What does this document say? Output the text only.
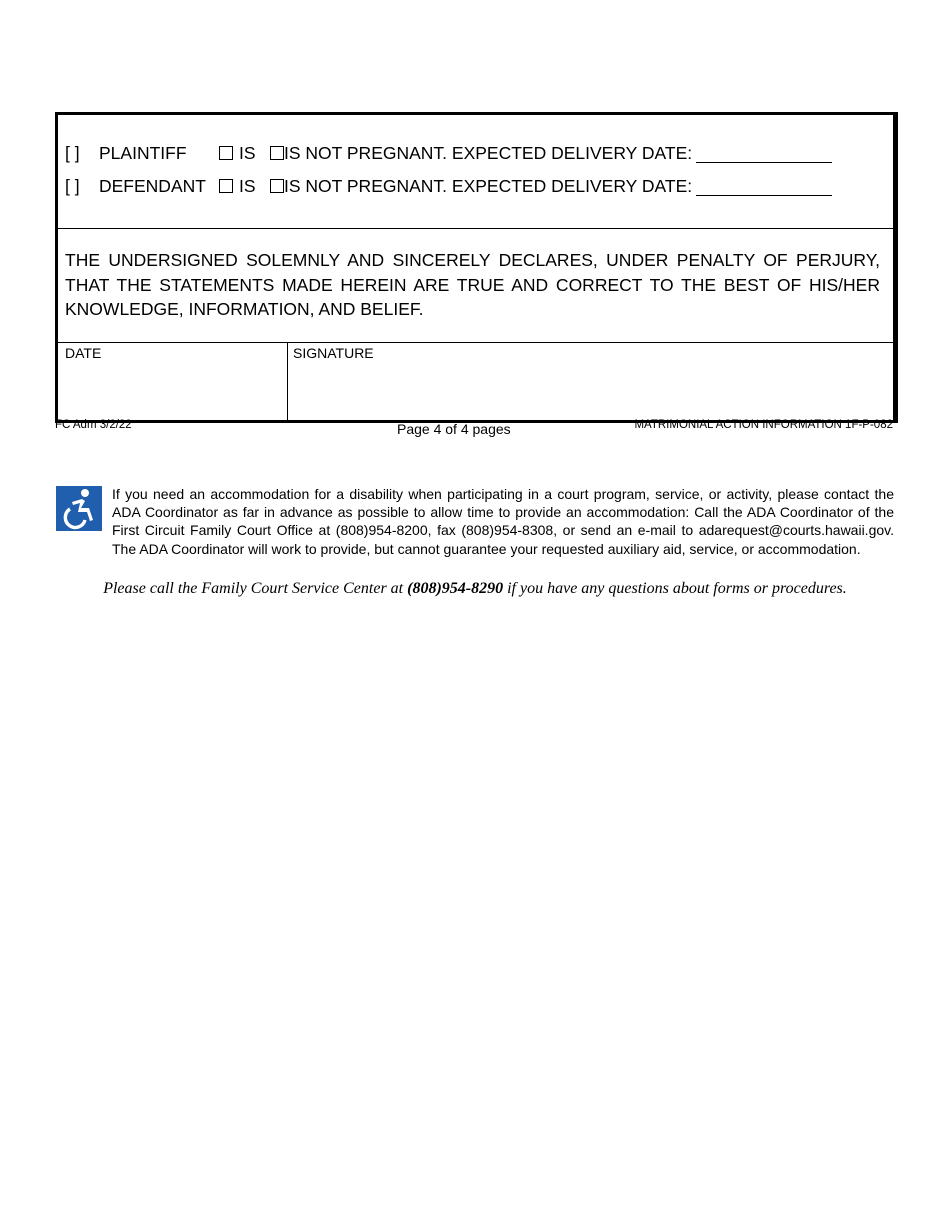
[ ]	PLAINTIFF	IS	IS NOT PREGNANT. EXPECTED DELIVERY DATE:
[ ]	DEFENDANT	IS	IS NOT PREGNANT. EXPECTED DELIVERY DATE:

THE UNDERSIGNED SOLEMNLY AND SINCERELY DECLARES, UNDER PENALTY OF PERJURY, THAT THE STATEMENTS MADE HEREIN ARE TRUE AND CORRECT TO THE BEST OF HIS/HER KNOWLEDGE, INFORMATION, AND BELIEF.

DATE	SIGNATURE
FC Adm 3/2/22	Page 4 of 4 pages	MATRIMONIAL ACTION INFORMATION 1F-P-082

If you need an accommodation for a disability when participating in a court program, service, or activity, please contact the ADA Coordinator as far in advance as possible to allow time to provide an accommodation: Call the ADA Coordinator of the First Circuit Family Court Office at (808)954-8200, fax (808)954-8308, or send an e-mail to adarequest@courts.hawaii.gov. The ADA Coordinator will work to provide, but cannot guarantee your requested auxiliary aid, service, or accommodation.

Please call the Family Court Service Center at (808)954-8290 if you have any questions about forms or procedures.
